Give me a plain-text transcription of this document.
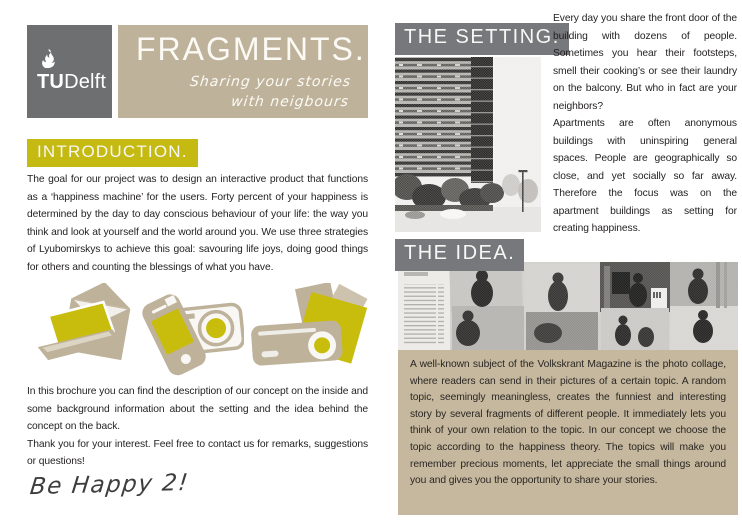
TUDelft
FRAGMENTS.
Sharing your stories
with neigbours
INTRODUCTION.

The goal for our project was to design an interactive product that functions as a ‘happiness machine’ for the users. Forty percent of your happiness is determined by the day to day conscious behaviour of your life: the way you think and look at yourself and the world around you. We use three strategies of Lyubomirskys to achieve this goal: savouring life joys, doing good things for others and counting the blessings of what you have.

In this brochure you can find the description of our concept on the inside and some background information about the setting and the idea behind the concept on the back.

Thank you for your interest. Feel free to contact us for remarks, suggestions or questions!

Be Happy 2!
THE SETTING.

Every day you share the front door of the building with dozens of people. Sometimes you hear their footsteps, smell their cooking’s or see their laundry on the balcony. But who in fact are your neighbors?

Apartments are often anonymous buildings with uninspiring general spaces. People are geographically so close, and yet socially so far away. Therefore the focus was on the apartment buildings as setting for creating happiness.

THE IDEA.

A well-known subject of the Volkskrant Magazine is the photo collage, where readers can send in their pictures of a certain topic. A random topic, seemingly meaningless, creates the funniest and interesting story by several fragments of different people. It immediately lets you think of your own relation to the topic. In our concept we choose the topic according to the happiness theory. The topics will make you remember precious moments, let appreciate the small things around you and gives you the opportunity to share your stories.
